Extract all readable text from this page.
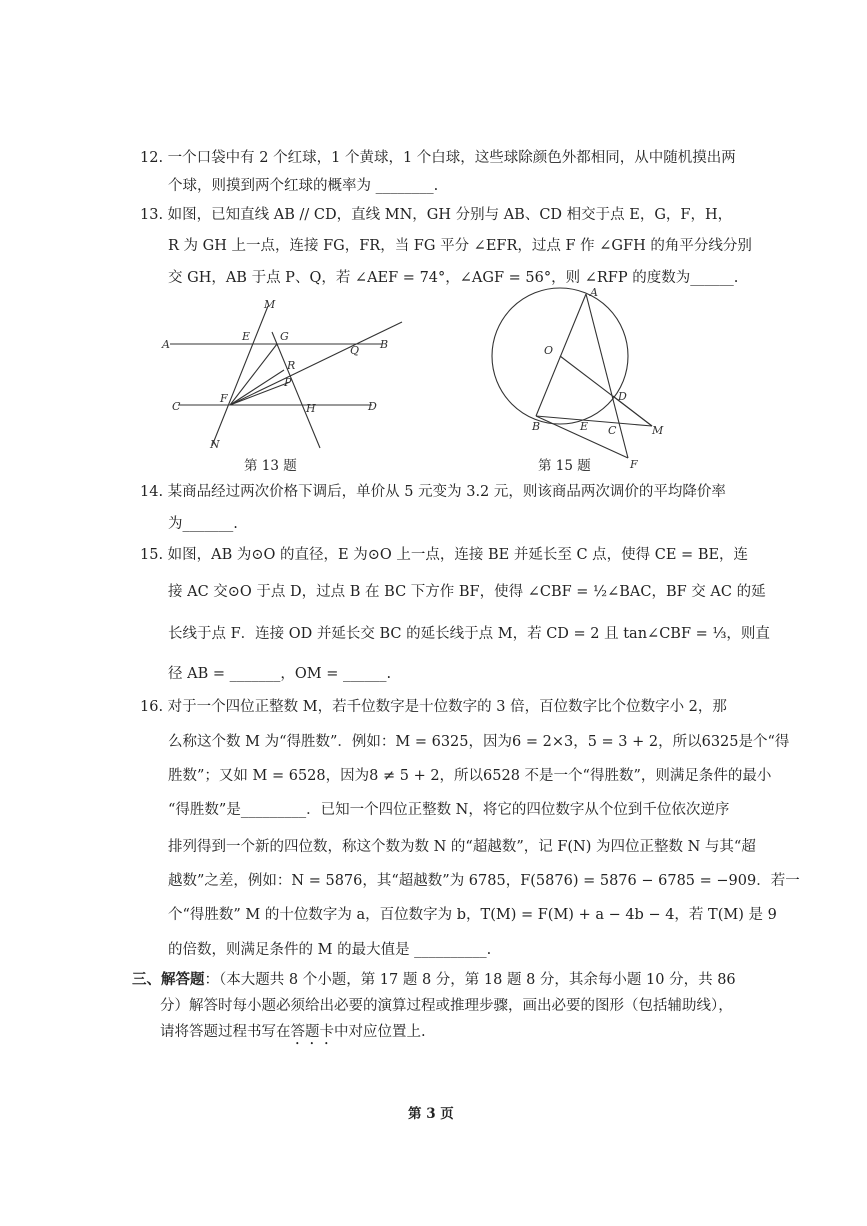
12. 一个口袋中有 2 个红球，1 个黄球，1 个白球，这些球除颜色外都相同，从中随机摸出两
个球，则摸到两个红球的概率为 ________.
13. 如图，已知直线 AB // CD，直线 MN，GH 分别与 AB、CD 相交于点 E，G，F，H，
R 为 GH 上一点，连接 FG，FR，当 FG 平分 ∠EFR，过点 F 作 ∠GFH 的角平分线分别
交 GH，AB 于点 P、Q，若 ∠AEF = 74°，∠AGF = 56°，则 ∠RFP 的度数为______.
M
A
E	G
Q B
R
P
C
F
H	D
N
第 13 题
A
O
D
B	E C	M
F
第 15 题
14. 某商品经过两次价格下调后，单价从 5 元变为 3.2 元，则该商品两次调价的平均降价率
为_______.
15. 如图，AB 为⊙O 的直径，E 为⊙O 上一点，连接 BE 并延长至 C 点，使得 CE = BE，连
接 AC 交⊙O 于点 D，过点 B 在 BC 下方作 BF，使得 ∠CBF = ½∠BAC，BF 交 AC 的延
长线于点 F．连接 OD 并延长交 BC 的延长线于点 M，若 CD = 2 且 tan∠CBF = ⅓，则直
径 AB = _______，OM = ______.
16. 对于一个四位正整数 M，若千位数字是十位数字的 3 倍，百位数字比个位数字小 2，那
么称这个数 M 为“得胜数”．例如：M = 6325，因为6 = 2×3，5 = 3 + 2，所以6325是个“得
胜数”；又如 M = 6528，因为8 ≠ 5 + 2，所以6528 不是一个“得胜数”，则满足条件的最小
“得胜数”是_________．已知一个四位正整数 N，将它的四位数字从个位到千位依次逆序
排列得到一个新的四位数，称这个数为数 N 的“超越数”，记 F(N) 为四位正整数 N 与其“超
越数”之差，例如：N = 5876，其“超越数”为 6785，F(5876) = 5876 − 6785 = −909．若一
个“得胜数” M 的十位数字为 a，百位数字为 b，T(M) = F(M) + a − 4b − 4，若 T(M) 是 9
的倍数，则满足条件的 M 的最大值是 __________.
三、解答题：（本大题共 8 个小题，第 17 题 8 分，第 18 题 8 分，其余每小题 10 分，共 86
分）解答时每小题必须给出必要的演算过程或推理步骤，画出必要的图形（包括辅助线），
请将答题过程书写在答题卡中对应位置上.
第 3 页
